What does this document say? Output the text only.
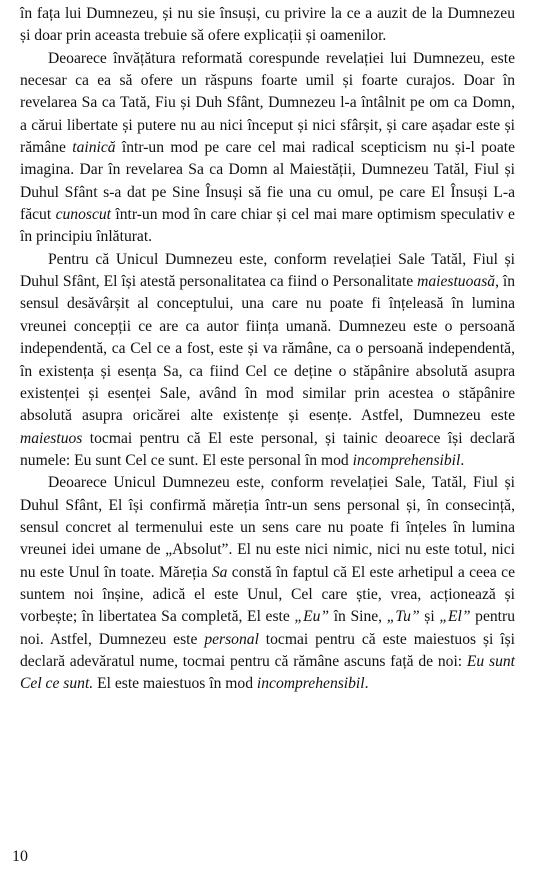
în fața lui Dumnezeu, și nu sie însuși, cu privire la ce a auzit de la Dumnezeu și doar prin aceasta trebuie să ofere explicații și oamenilor.

Deoarece învățătura reformată corespunde revelației lui Dumnezeu, este necesar ca ea să ofere un răspuns foarte umil și foarte curajos. Doar în revelarea Sa ca Tată, Fiu și Duh Sfânt, Dumnezeu l-a întâlnit pe om ca Domn, a cărui libertate și putere nu au nici început și nici sfârșit, și care așadar este și rămâne tainică într-un mod pe care cel mai radical scepticism nu și-l poate imagina. Dar în revelarea Sa ca Domn al Maiestății, Dumnezeu Tatăl, Fiul și Duhul Sfânt s-a dat pe Sine Însuși să fie una cu omul, pe care El Însuși L-a făcut cunoscut într-un mod în care chiar și cel mai mare optimism speculativ e în principiu înlăturat.

Pentru că Unicul Dumnezeu este, conform revelației Sale Tatăl, Fiul și Duhul Sfânt, El își atestă personalitatea ca fiind o Personalitate maiestuoasă, în sensul desăvârșit al conceptului, una care nu poate fi înțeleasă în lumina vreunei concepții ce are ca autor ființa umană. Dumnezeu este o persoană independentă, ca Cel ce a fost, este și va rămâne, ca o persoană independentă, în existența și esența Sa, ca fiind Cel ce deține o stăpânire absolută asupra existenței și esenței Sale, având în mod similar prin acestea o stăpânire absolută asupra oricărei alte existențe și esențe. Astfel, Dumnezeu este maiestuos tocmai pentru că El este personal, și tainic deoarece își declară numele: Eu sunt Cel ce sunt. El este personal în mod incomprehensibil.

Deoarece Unicul Dumnezeu este, conform revelației Sale, Tatăl, Fiul și Duhul Sfânt, El își confirmă măreția într-un sens personal și, în consecință, sensul concret al termenului este un sens care nu poate fi înțeles în lumina vreunei idei umane de „Absolut”. El nu este nici nimic, nici nu este totul, nici nu este Unul în toate. Măreția Sa constă în faptul că El este arhetipul a ceea ce suntem noi înșine, adică el este Unul, Cel care știe, vrea, acționează și vorbește; în libertatea Sa completă, El este „Eu” în Sine, „Tu” și „El” pentru noi. Astfel, Dumnezeu este personal tocmai pentru că este maiestuos și își declară adevăratul nume, tocmai pentru că rămâne ascuns față de noi: Eu sunt Cel ce sunt. El este maiestuos în mod incomprehensibil.

10
